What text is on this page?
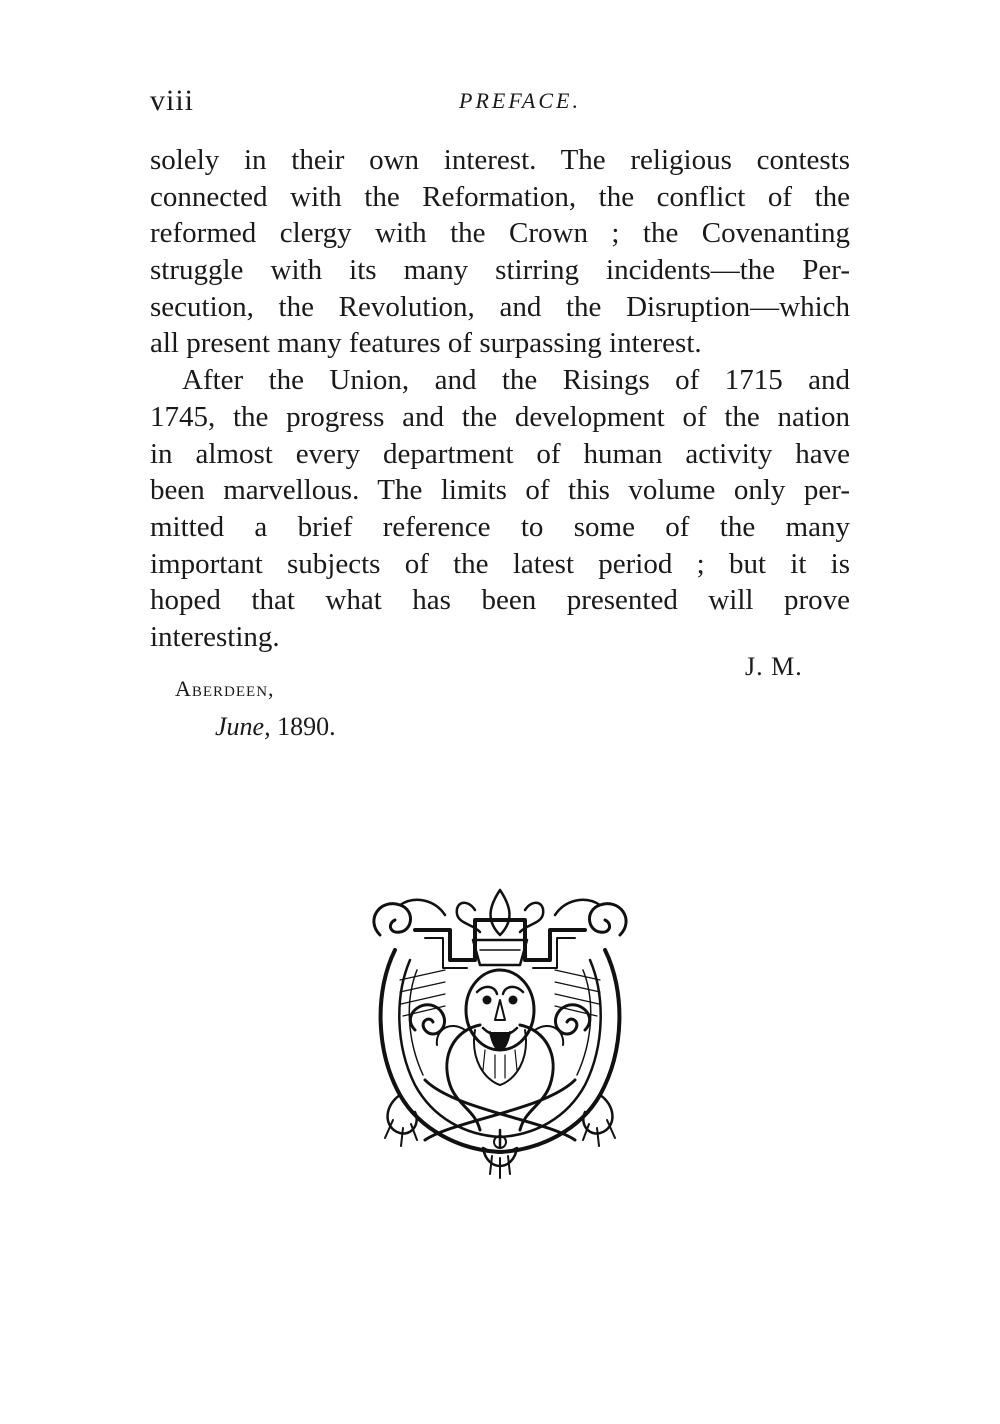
viii	PREFACE.
solely in their own interest. The religious contests
connected with the Reformation, the conflict of the
reformed clergy with the Crown ; the Covenanting
struggle with its many stirring incidents—the Per-
secution, the Revolution, and the Disruption—which
all present many features of surpassing interest.
After the Union, and the Risings of 1715 and
1745, the progress and the development of the nation
in almost every department of human activity have
been marvellous. The limits of this volume only per-
mitted a brief reference to some of the many
important subjects of the latest period ; but it is
hoped that what has been presented will prove
interesting.
J. M.
Aberdeen,
June, 1890.
